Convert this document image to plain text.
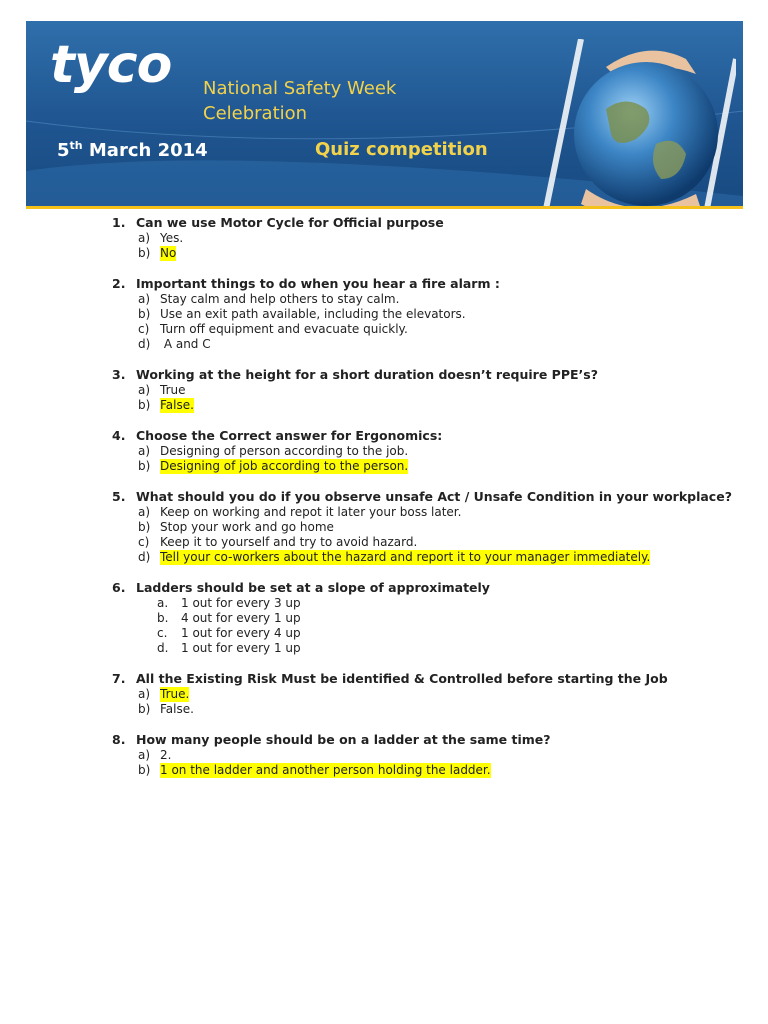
tyco National Safety Week
Celebration
5th March 2014	Quiz competition
1. Can we use Motor Cycle for Official purpose
a) Yes.
b) No
2. Important things to do when you hear a fire alarm :
a) Stay calm and help others to stay calm.
b) Use an exit path available, including the elevators.
c) Turn off equipment and evacuate quickly.
d) A and C
3. Working at the height for a short duration doesn’t require PPE’s?
a) True
b) False.
4. Choose the Correct answer for Ergonomics:
a) Designing of person according to the job.
b) Designing of job according to the person.
5. What should you do if you observe unsafe Act / Unsafe Condition in your workplace?
a) Keep on working and repot it later your boss later.
b) Stop your work and go home
c) Keep it to yourself and try to avoid hazard.
d) Tell your co-workers about the hazard and report it to your manager immediately.
6. Ladders should be set at a slope of approximately
a.	1 out for every 3 up
b.	4 out for every 1 up
c.	1 out for every 4 up
d.	1 out for every 1 up
7. All the Existing Risk Must be identified & Controlled before starting the Job
a) True.
b) False.
8. How many people should be on a ladder at the same time?
a) 2.
b) 1 on the ladder and another person holding the ladder.
